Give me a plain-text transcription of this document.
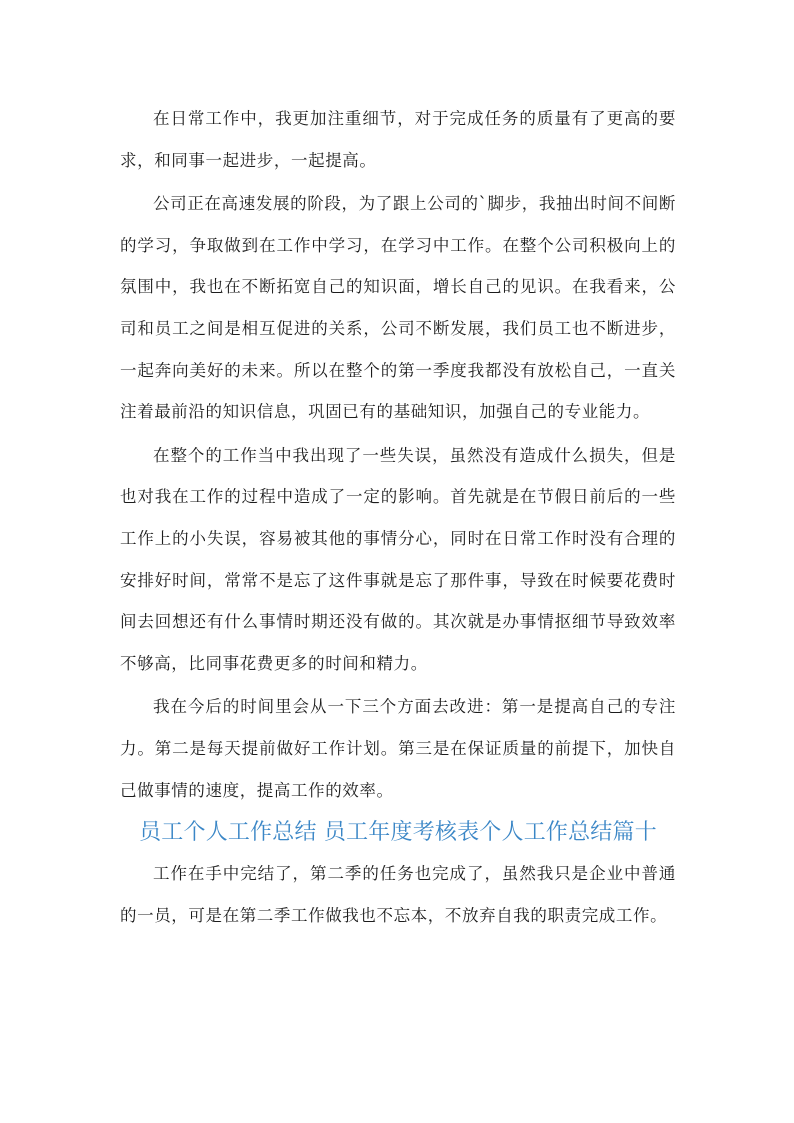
在日常工作中，我更加注重细节，对于完成任务的质量有了更高的要求，和同事一起进步，一起提高。

公司正在高速发展的阶段，为了跟上公司的`脚步，我抽出时间不间断的学习，争取做到在工作中学习，在学习中工作。在整个公司积极向上的氛围中，我也在不断拓宽自己的知识面，增长自己的见识。在我看来，公司和员工之间是相互促进的关系，公司不断发展，我们员工也不断进步，一起奔向美好的未来。所以在整个的第一季度我都没有放松自己，一直关注着最前沿的知识信息，巩固已有的基础知识，加强自己的专业能力。

在整个的工作当中我出现了一些失误，虽然没有造成什么损失，但是也对我在工作的过程中造成了一定的影响。首先就是在节假日前后的一些工作上的小失误，容易被其他的事情分心，同时在日常工作时没有合理的安排好时间，常常不是忘了这件事就是忘了那件事，导致在时候要花费时间去回想还有什么事情时期还没有做的。其次就是办事情抠细节导致效率不够高，比同事花费更多的时间和精力。

我在今后的时间里会从一下三个方面去改进：第一是提高自己的专注力。第二是每天提前做好工作计划。第三是在保证质量的前提下，加快自己做事情的速度，提高工作的效率。

员工个人工作总结 员工年度考核表个人工作总结篇十

工作在手中完结了，第二季的任务也完成了，虽然我只是企业中普通的一员，可是在第二季工作做我也不忘本，不放弃自我的职责完成工作。
